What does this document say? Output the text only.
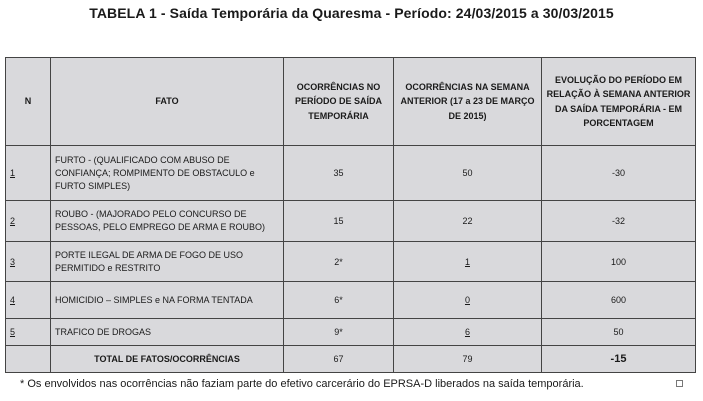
TABELA 1 - Saída Temporária da Quaresma - Período: 24/03/2015 a 30/03/2015
N	FATO	OCORRÊNCIAS NO PERÍODO DE SAÍDA TEMPORÁRIA	OCORRÊNCIAS NA SEMANA ANTERIOR (17 a 23 DE MARÇO DE 2015)	EVOLUÇÃO DO PERÍODO EM RELAÇÃO À SEMANA ANTERIOR DA SAÍDA TEMPORÁRIA - EM PORCENTAGEM
1	FURTO - (QUALIFICADO COM ABUSO DE CONFIANÇA; ROMPIMENTO DE OBSTACULO e FURTO SIMPLES)	35	50	-30
2	ROUBO - (MAJORADO PELO CONCURSO DE PESSOAS, PELO EMPREGO DE ARMA E ROUBO)	15	22	-32
3	PORTE ILEGAL DE ARMA DE FOGO DE USO PERMITIDO e RESTRITO	2*	1	100
4	HOMICIDIO – SIMPLES e NA FORMA TENTADA	6*	0	600
5	TRAFICO DE DROGAS	9*	6	50
	TOTAL DE FATOS/OCORRÊNCIAS	67	79	-15
* Os envolvidos nas ocorrências não faziam parte do efetivo carcerário do EPRSA-D liberados na saída temporária.
